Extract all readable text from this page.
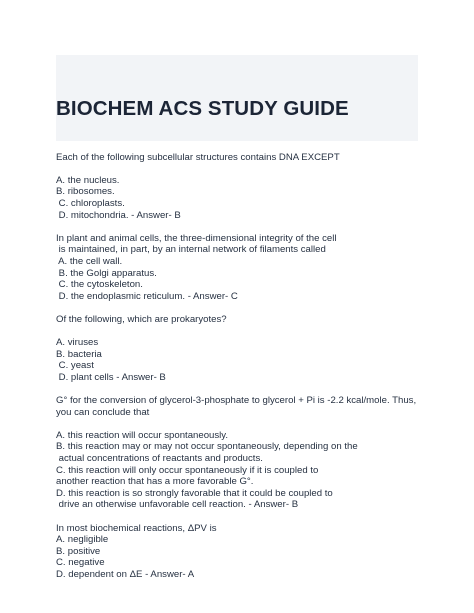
BIOCHEM ACS STUDY GUIDE
Each of the following subcellular structures contains DNA EXCEPT
A. the nucleus.
B. ribosomes.
C. chloroplasts.
D. mitochondria. - Answer- B
In plant and animal cells, the three-dimensional integrity of the cell
is maintained, in part, by an internal network of filaments called
A. the cell wall.
B. the Golgi apparatus.
C. the cytoskeleton.
D. the endoplasmic reticulum. - Answer- C
Of the following, which are prokaryotes?
A. viruses
B. bacteria
C. yeast
D. plant cells - Answer- B
G° for the conversion of glycerol-3-phosphate to glycerol + Pi is -2.2 kcal/mole. Thus,
you can conclude that
A. this reaction will occur spontaneously.
B. this reaction may or may not occur spontaneously, depending on the
actual concentrations of reactants and products.
C. this reaction will only occur spontaneously if it is coupled to
another reaction that has a more favorable G°.
D. this reaction is so strongly favorable that it could be coupled to
drive an otherwise unfavorable cell reaction. - Answer- B
In most biochemical reactions, ΔPV is
A. negligible
B. positive
C. negative
D. dependent on ΔE - Answer- A
